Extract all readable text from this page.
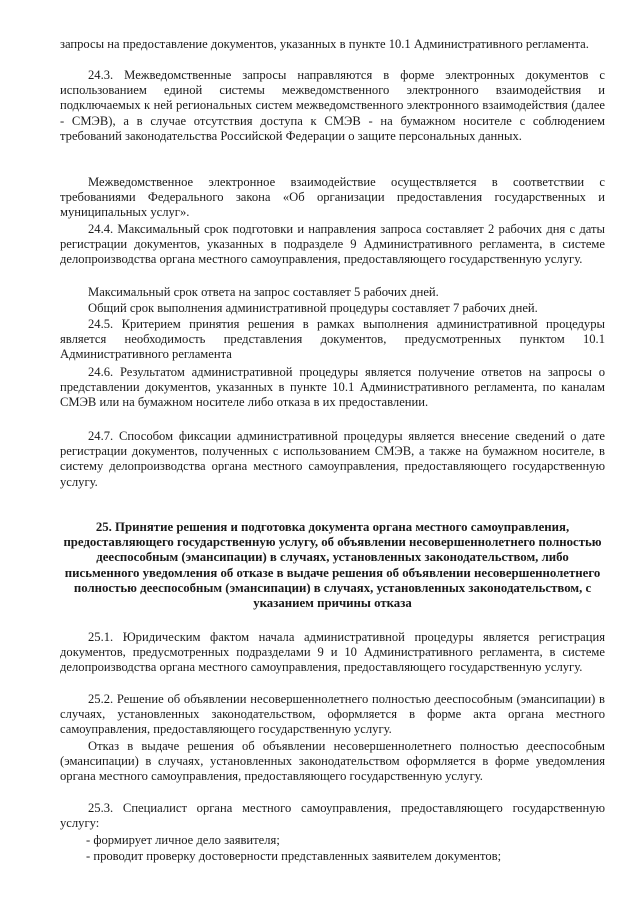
запросы на предоставление документов, указанных в пункте 10.1 Административного регламента.

24.3. Межведомственные запросы направляются в форме электронных документов с использованием единой системы межведомственного электронного взаимодействия и подключаемых к ней региональных систем межведомственного электронного взаимодействия (далее - СМЭВ), а в случае отсутствия доступа к СМЭВ - на бумажном носителе с соблюдением требований законодательства Российской Федерации о защите персональных данных.

Межведомственное электронное взаимодействие осуществляется в соответствии с требованиями Федерального закона «Об организации предоставления государственных и муниципальных услуг».

24.4. Максимальный срок подготовки и направления запроса составляет 2 рабочих дня с даты регистрации документов, указанных в подразделе 9 Административного регламента, в системе делопроизводства органа местного самоуправления, предоставляющего государственную услугу.

Максимальный срок ответа на запрос составляет 5 рабочих дней.

Общий срок выполнения административной процедуры составляет 7 рабочих дней.

24.5. Критерием принятия решения в рамках выполнения административной процедуры является необходимость представления документов, предусмотренных пунктом 10.1 Административного регламента

24.6. Результатом административной процедуры является получение ответов на запросы о представлении документов, указанных в пункте 10.1 Административного регламента, по каналам СМЭВ или на бумажном носителе либо отказа в их предоставлении.

24.7. Способом фиксации административной процедуры является внесение сведений о дате регистрации документов, полученных с использованием СМЭВ, а также на бумажном носителе, в систему делопроизводства органа местного самоуправления, предоставляющего государственную услугу.

25. Принятие решения и подготовка документа органа местного самоуправления, предоставляющего государственную услугу, об объявлении несовершеннолетнего полностью дееспособным (эмансипации) в случаях, установленных законодательством, либо письменного уведомления об отказе в выдаче решения об объявлении несовершеннолетнего полностью дееспособным (эмансипации) в случаях, установленных законодательством, с указанием причины отказа

25.1. Юридическим фактом начала административной процедуры является регистрация документов, предусмотренных подразделами 9 и 10 Административного регламента, в системе делопроизводства органа местного самоуправления, предоставляющего государственную услугу.

25.2. Решение об объявлении несовершеннолетнего полностью дееспособным (эмансипации) в случаях, установленных законодательством, оформляется в форме акта органа местного самоуправления, предоставляющего государственную услугу.

Отказ в выдаче решения об объявлении несовершеннолетнего полностью дееспособным (эмансипации) в случаях, установленных законодательством оформляется в форме уведомления органа местного самоуправления, предоставляющего государственную услугу.

25.3. Специалист органа местного самоуправления, предоставляющего государственную услугу:

- формирует личное дело заявителя;

- проводит проверку достоверности представленных заявителем документов;
